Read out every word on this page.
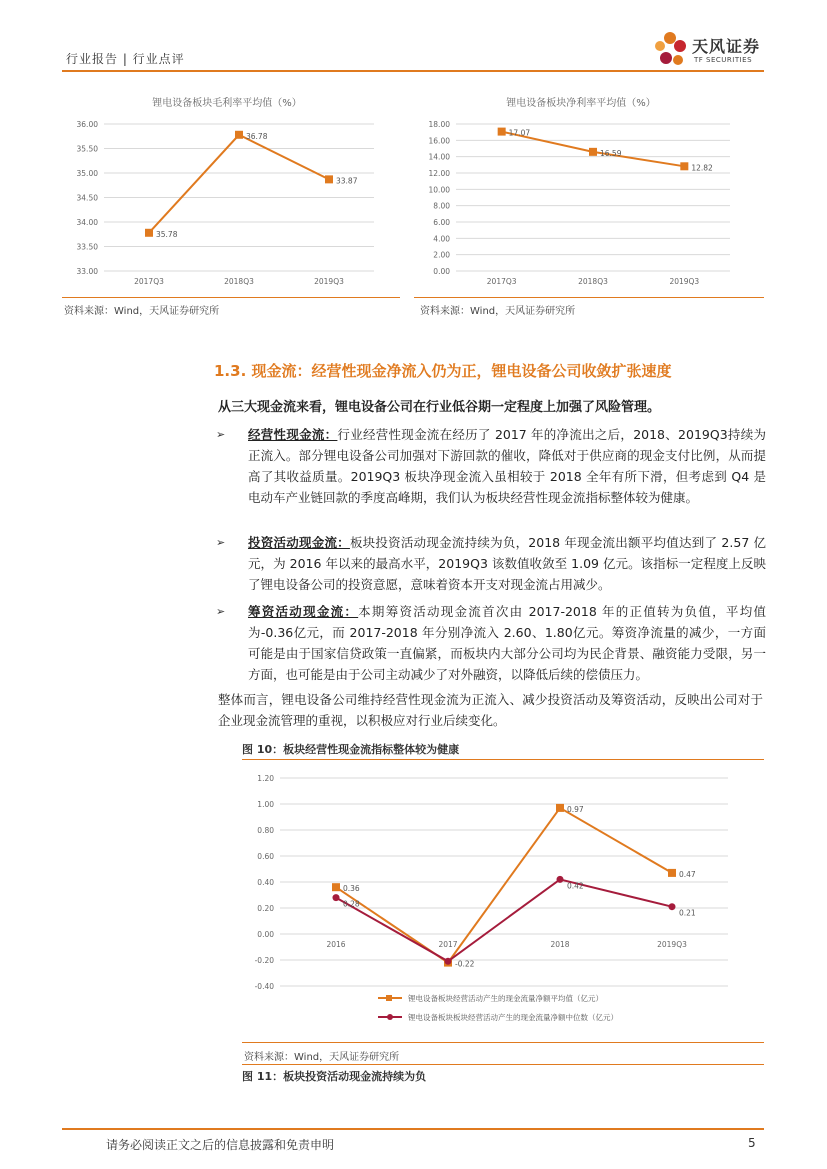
行业报告 | 行业点评
天风证券
TF SECURITIES
锂电设备板块毛利率平均值（%）
33.00
33.50
34.00
34.50
35.00
35.50
36.00
2017Q3	2018Q3	2019Q3
35.78
36.78
33.87
资料来源：Wind，天风证券研究所
锂电设备板块净利率平均值（%）
0.00
2.00
4.00
6.00
8.00
10.00
12.00
14.00
16.00
18.00
2017Q3	2018Q3	2019Q3
17.07
16.59
12.82
资料来源：Wind，天风证券研究所
1.3. 现金流：经营性现金净流入仍为正，锂电设备公司收敛扩张速度
从三大现金流来看，锂电设备公司在行业低谷期一定程度上加强了风险管理。
➢ 经营性现金流：行业经营性现金流在经历了 2017 年的净流出之后，2018、2019Q3持续为正流入。部分锂电设备公司加强对下游回款的催收，降低对于供应商的现金支付比例，从而提高了其收益质量。2019Q3 板块净现金流入虽相较于 2018 全年有所下滑，但考虑到 Q4 是电动车产业链回款的季度高峰期，我们认为板块经营性现金流指标整体较为健康。
➢ 投资活动现金流：板块投资活动现金流持续为负，2018 年现金流出额平均值达到了 2.57 亿元，为 2016 年以来的最高水平，2019Q3 该数值收敛至 1.09 亿元。该指标一定程度上反映了锂电设备公司的投资意愿，意味着资本开支对现金流占用减少。
➢ 筹资活动现金流：本期筹资活动现金流首次由 2017-2018 年的正值转为负值，平均值为-0.36亿元，而 2017-2018 年分别净流入 2.60、1.80亿元。筹资净流量的减少，一方面可能是由于国家信贷政策一直偏紧，而板块内大部分公司均为民企背景、融资能力受限，另一方面，也可能是由于公司主动减少了对外融资，以降低后续的偿债压力。
整体而言，锂电设备公司维持经营性现金流为正流入、减少投资活动及筹资活动，反映出公司对于企业现金流管理的重视，以积极应对行业后续变化。
图 10：板块经营性现金流指标整体较为健康
-0.40
-0.20
0.00
0.20
0.40
0.60
0.80
1.00
1.20
2016	2017	2018	2019Q3
0.36
-0.22
0.97
0.47
0.28
0.42
0.21
锂电设备板块经营活动产生的现金流量净额平均值（亿元）
锂电设备板块板块经营活动产生的现金流量净额中位数（亿元）
资料来源：Wind，天风证券研究所
图 11：板块投资活动现金流持续为负
请务必阅读正文之后的信息披露和免责申明	5
